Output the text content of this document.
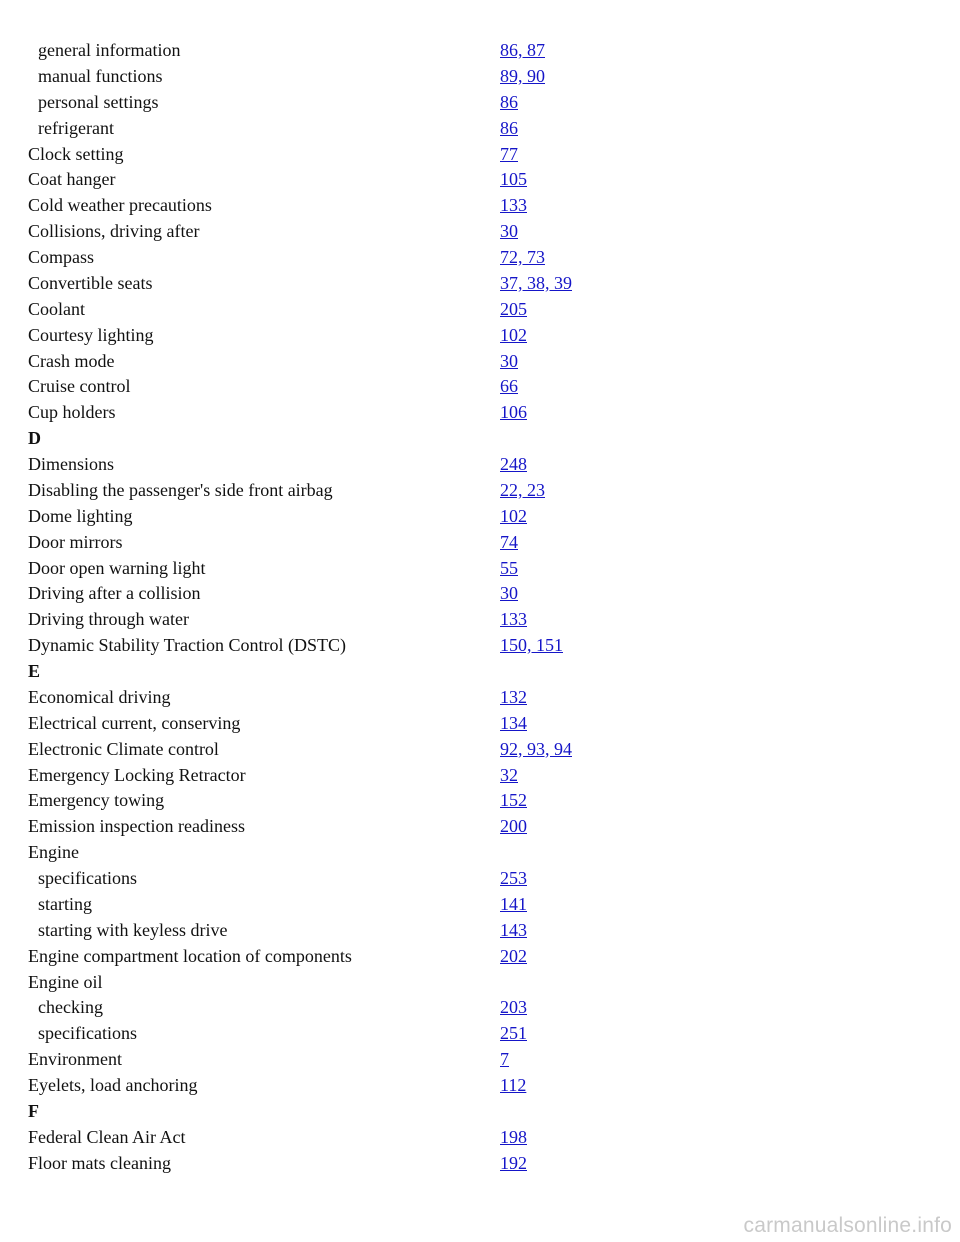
general information	86, 87
manual functions	89, 90
personal settings	86
refrigerant	86
Clock setting	77
Coat hanger	105
Cold weather precautions	133
Collisions, driving after	30
Compass	72, 73
Convertible seats	37, 38, 39
Coolant	205
Courtesy lighting	102
Crash mode	30
Cruise control	66
Cup holders	106
D
Dimensions	248
Disabling the passenger's side front airbag	22, 23
Dome lighting	102
Door mirrors	74
Door open warning light	55
Driving after a collision	30
Driving through water	133
Dynamic Stability Traction Control (DSTC)	150, 151
E
Economical driving	132
Electrical current, conserving	134
Electronic Climate control	92, 93, 94
Emergency Locking Retractor	32
Emergency towing	152
Emission inspection readiness	200
Engine
specifications	253
starting	141
starting with keyless drive	143
Engine compartment location of components	202
Engine oil
checking	203
specifications	251
Environment	7
Eyelets, load anchoring	112
F
Federal Clean Air Act	198
Floor mats cleaning	192
carmanualsonline.info
